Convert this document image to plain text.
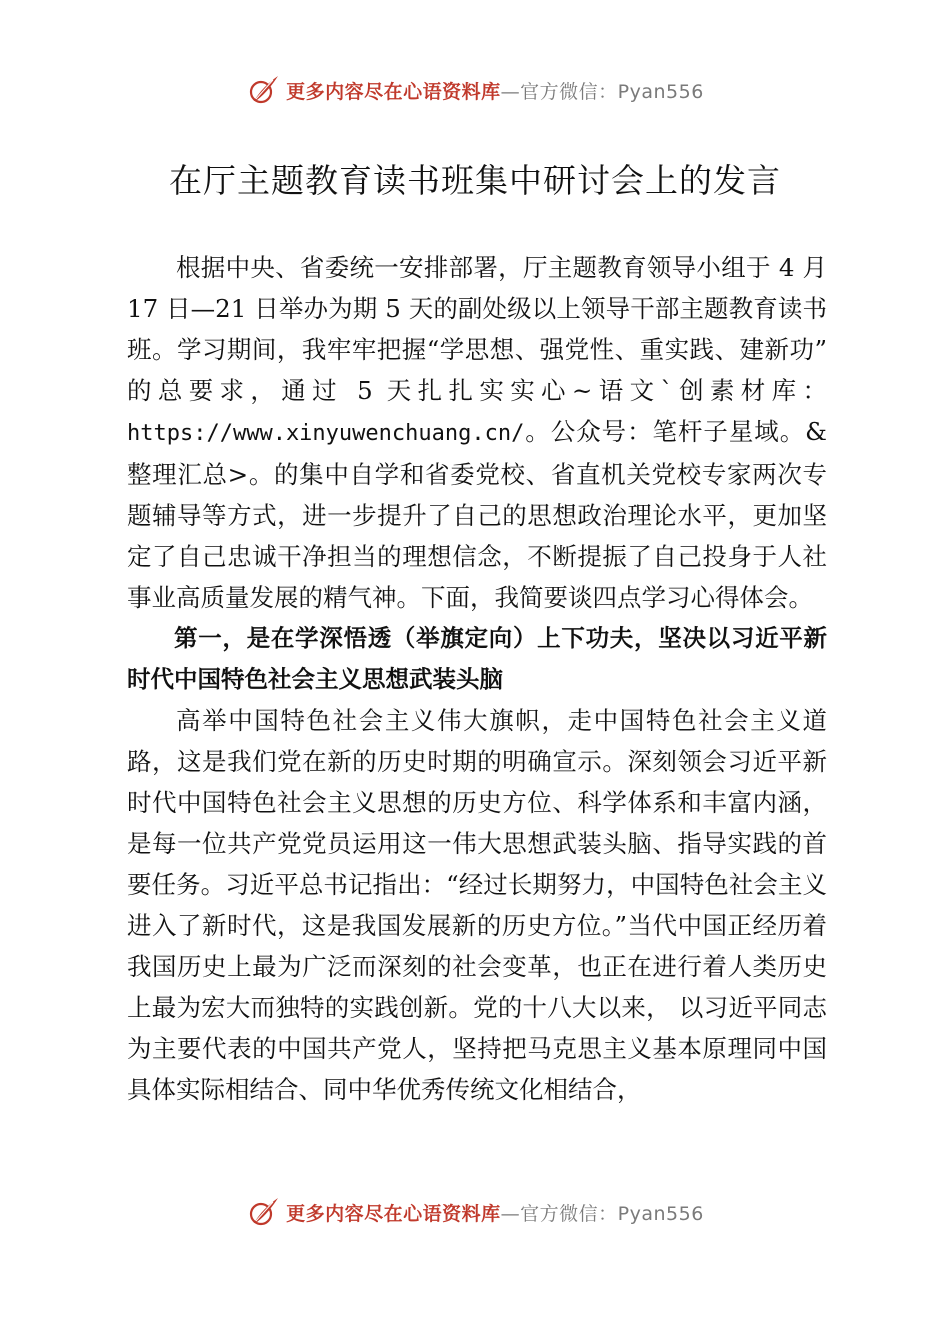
更多内容尽在心语资料库—官方微信：Pyan556
在厅主题教育读书班集中研讨会上的发言

根据中央、省委统一安排部署，厅主题教育领导小组于 4 月 17 日—21 日举办为期 5 天的副处级以上领导干部主题教育读书班。学习期间，我牢牢把握“学思想、强党性、重实践、建新功” 的总要求，通过 5 天扎扎实实心~语文`创素材库：https://www.xinyuwenchuang.cn/。公众号：笔杆子星域。&整理汇总>。的集中自学和省委党校、省直机关党校专家两次专题辅导等方式，进一步提升了自己的思想政治理论水平，更加坚定了自己忠诚干净担当的理想信念，不断提振了自己投身于人社事业高质量发展的精气神。下面，我简要谈四点学习心得体会。

第一，是在学深悟透（举旗定向）上下功夫，坚决以习近平新时代中国特色社会主义思想武装头脑

高举中国特色社会主义伟大旗帜，走中国特色社会主义道路，这是我们党在新的历史时期的明确宣示。深刻领会习近平新时代中国特色社会主义思想的历史方位、科学体系和丰富内涵，是每一位共产党党员运用这一伟大思想武装头脑、指导实践的首要任务。习近平总书记指出：“经过长期努力，中国特色社会主义进入了新时代，这是我国发展新的历史方位。”当代中国正经历着我国历史上最为广泛而深刻的社会变革，也正在进行着人类历史上最为宏大而独特的实践创新。党的十八大以来， 以习近平同志为主要代表的中国共产党人，坚持把马克思主义基本原理同中国具体实际相结合、同中华优秀传统文化相结合，

更多内容尽在心语资料库—官方微信：Pyan556
